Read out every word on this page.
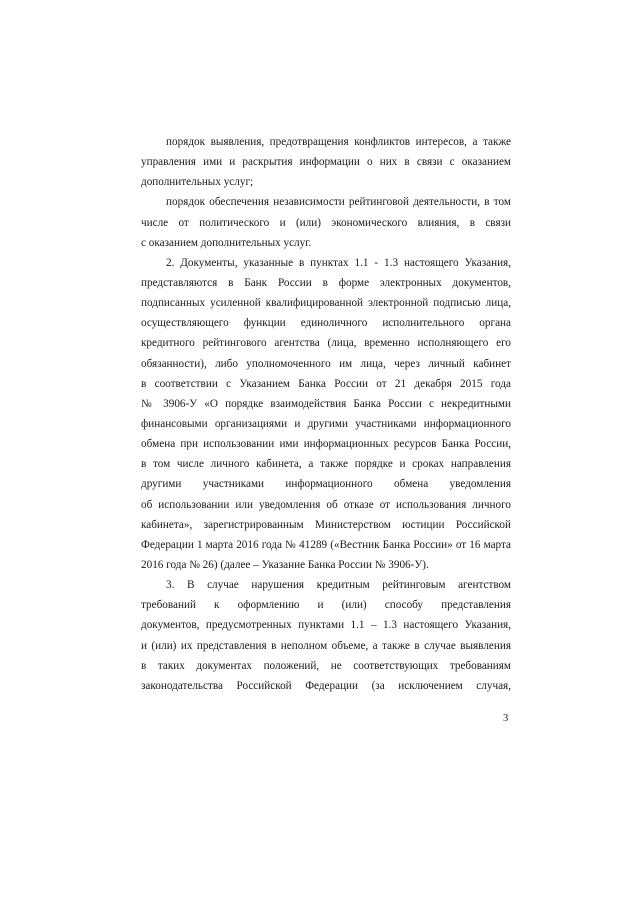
порядок выявления, предотвращения конфликтов интересов, а также
управления ими и раскрытия информации о них в связи с оказанием
дополнительных услуг;
порядок обеспечения независимости рейтинговой деятельности, в том
числе от политического и (или) экономического влияния, в связи
с оказанием дополнительных услуг.
2. Документы, указанные в пунктах 1.1 - 1.3 настоящего Указания,
представляются в Банк России в форме электронных документов,
подписанных усиленной квалифицированной электронной подписью лица,
осуществляющего функции единоличного исполнительного органа
кредитного рейтингового агентства (лица, временно исполняющего его
обязанности), либо уполномоченного им лица, через личный кабинет
в соответствии с Указанием Банка России от 21 декабря 2015 года
№ 3906-У «О порядке взаимодействия Банка России с некредитными
финансовыми организациями и другими участниками информационного
обмена при использовании ими информационных ресурсов Банка России,
в том числе личного кабинета, а также порядке и сроках направления
другими участниками информационного обмена уведомления
об использовании или уведомления об отказе от использования личного
кабинета», зарегистрированным Министерством юстиции Российской
Федерации 1 марта 2016 года № 41289 («Вестник Банка России» от 16 марта
2016 года № 26) (далее – Указание Банка России № 3906-У).
3. В случае нарушения кредитным рейтинговым агентством
требований к оформлению и (или) способу представления
документов, предусмотренных пунктами 1.1 – 1.3 настоящего Указания,
и (или) их представления в неполном объеме, а также в случае выявления
в таких документах положений, не соответствующих требованиям
законодательства Российской Федерации (за исключением случая,
3
